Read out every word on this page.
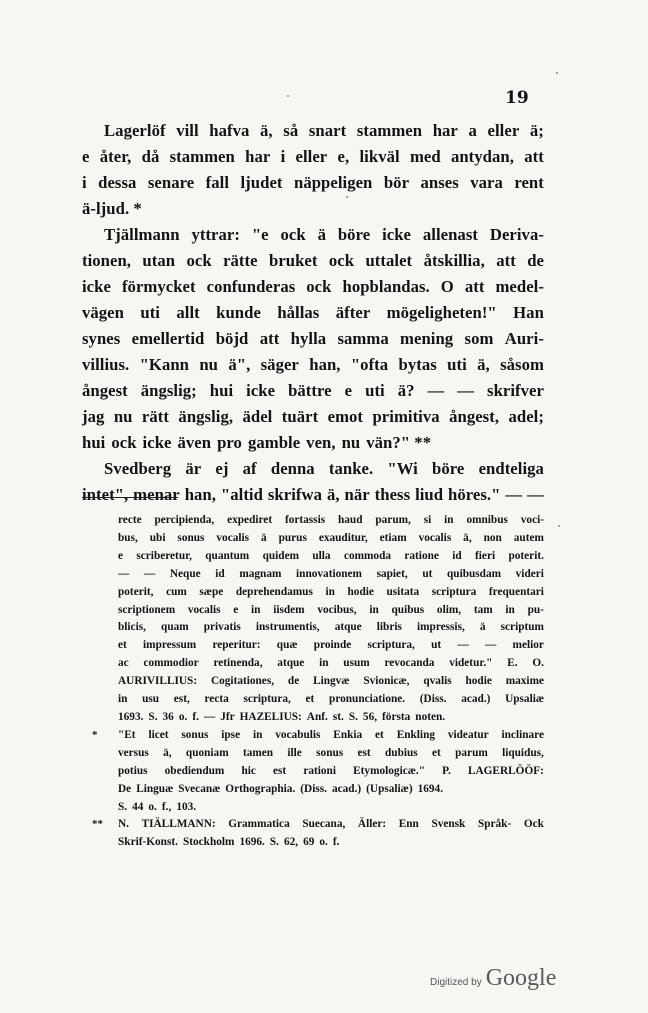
19
Lagerlöf vill hafva ä, så snart stammen har a eller ä;
e åter, då stammen har i eller e, likväl med antydan, att
i dessa senare fall ljudet näppeligen bör anses vara rent
ä-ljud. *
Tjällmann yttrar: "e ock ä böre icke allenast Deriva-
tionen, utan ock rätte bruket ock uttalet åtskillia, att de
icke förmycket confunderas ock hopblandas. O att medel-
vägen uti allt kunde hållas äfter mögeligheten!" Han
synes emellertid böjd att hylla samma mening som Auri-
villius. "Kann nu ä", säger han, "ofta bytas uti ä, såsom
ångest ängslig; hui icke bättre e uti ä? — — skrifver
jag nu rätt ängslig, ädel tuärt emot primitiva ångest, adel;
hui ock icke även pro gamble ven, nu vän?" **
Svedberg är ej af denna tanke. "Wi böre endteliga
intet", menar han, "altid skrifwa ä, när thess liud höres." — —
recte percipienda, expediret fortassis haud parum, si in omnibus voci-
bus, ubi sonus vocalis ä purus exauditur, etiam vocalis ä, non autem
e scriberetur, quantum quidem ulla commoda ratione id fieri poterit.
— — Neque id magnam innovationem sapiet, ut quibusdam videri
poterit, cum sæpe deprehendamus in hodie usitata scriptura frequentari
scriptionem vocalis e in iisdem vocibus, in quibus olim, tam in pu-
blicis, quam privatis instrumentis, atque libris impressis, ä scriptum
et impressum reperitur: quæ proinde scriptura, ut — — melior
ac commodior retinenda, atque in usum revocanda videtur." E. O.
AURIVILLIUS: Cogitationes, de Lingvæ Svionicæ, qvalis hodie maxime
in usu est, recta scriptura, et pronunciatione. (Diss. acad.) Upsaliæ
1693. S. 36 o. f. — Jfr HAZELIUS: Anf. st. S. 56, första noten.
* "Et licet sonus ipse in vocabulis Enkia et Enkling videatur inclinare
versus ä, quoniam tamen ille sonus est dubius et parum liquidus,
potius obediendum hic est rationi Etymologicæ." P. LAGERLÖÖF:
De Linguæ Svecanæ Orthographia. (Diss. acad.) (Upsaliæ) 1694.
S. 44 o. f., 103.
** N. TIÄLLMANN: Grammatica Suecana, Äller: Enn Svensk Språk- Ock
Skrif-Konst. Stockholm 1696. S. 62, 69 o. f.
Digitized by Google
